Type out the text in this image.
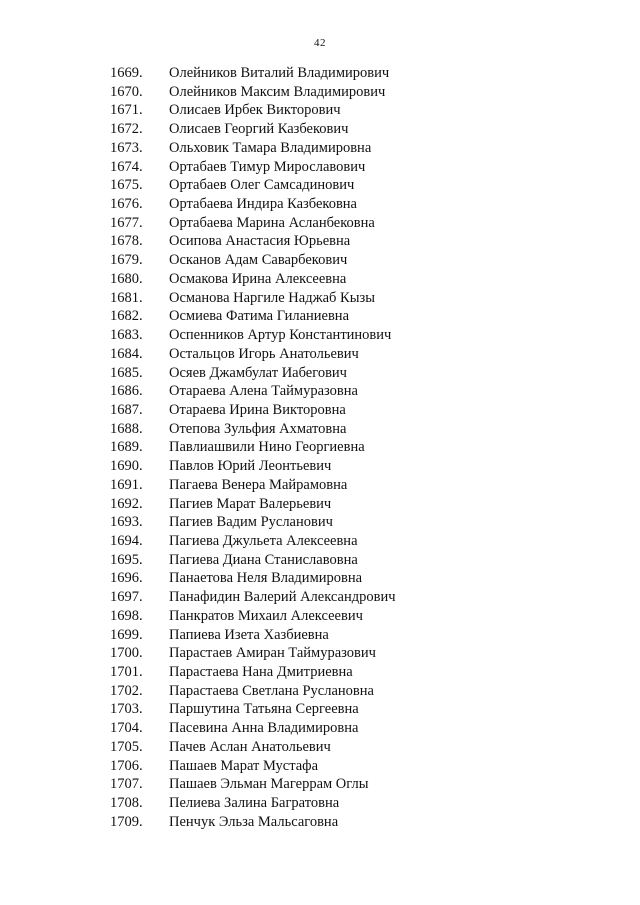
42
1669. Олейников Виталий Владимирович
1670. Олейников Максим Владимирович
1671. Олисаев Ирбек Викторович
1672. Олисаев Георгий Казбекович
1673. Ольховик Тамара Владимировна
1674. Ортабаев Тимур Мирославович
1675. Ортабаев Олег Самсадинович
1676. Ортабаева Индира Казбековна
1677. Ортабаева Марина Асланбековна
1678. Осипова Анастасия Юрьевна
1679. Осканов Адам Саварбекович
1680. Осмакова Ирина Алексеевна
1681. Османова Наргиле Наджаб Кызы
1682. Осмиева Фатима Гиланиевна
1683. Оспенников Артур Константинович
1684. Остальцов Игорь Анатольевич
1685. Осяев Джамбулат Иабегович
1686. Отараева Алена Таймуразовна
1687. Отараева Ирина Викторовна
1688. Отепова Зульфия Ахматовна
1689. Павлиашвили Нино Георгиевна
1690. Павлов Юрий Леонтьевич
1691. Пагаева Венера Майрамовна
1692. Пагиев Марат Валерьевич
1693. Пагиев Вадим Русланович
1694. Пагиева Джульета Алексеевна
1695. Пагиева Диана Станиславовна
1696. Панаетова Неля Владимировна
1697. Панафидин Валерий Александрович
1698. Панкратов Михаил Алексеевич
1699. Папиева Изета Хазбиевна
1700. Парастаев Амиран Таймуразович
1701. Парастаева Нана Дмитриевна
1702. Парастаева Светлана Руслановна
1703. Паршутина Татьяна Сергеевна
1704. Пасевина Анна Владимировна
1705. Пачев Аслан Анатольевич
1706. Пашаев Марат Мустафа
1707. Пашаев Эльман Магеррам Оглы
1708. Пелиева Залина Багратовна
1709. Пенчук Эльза Мальсаговна
